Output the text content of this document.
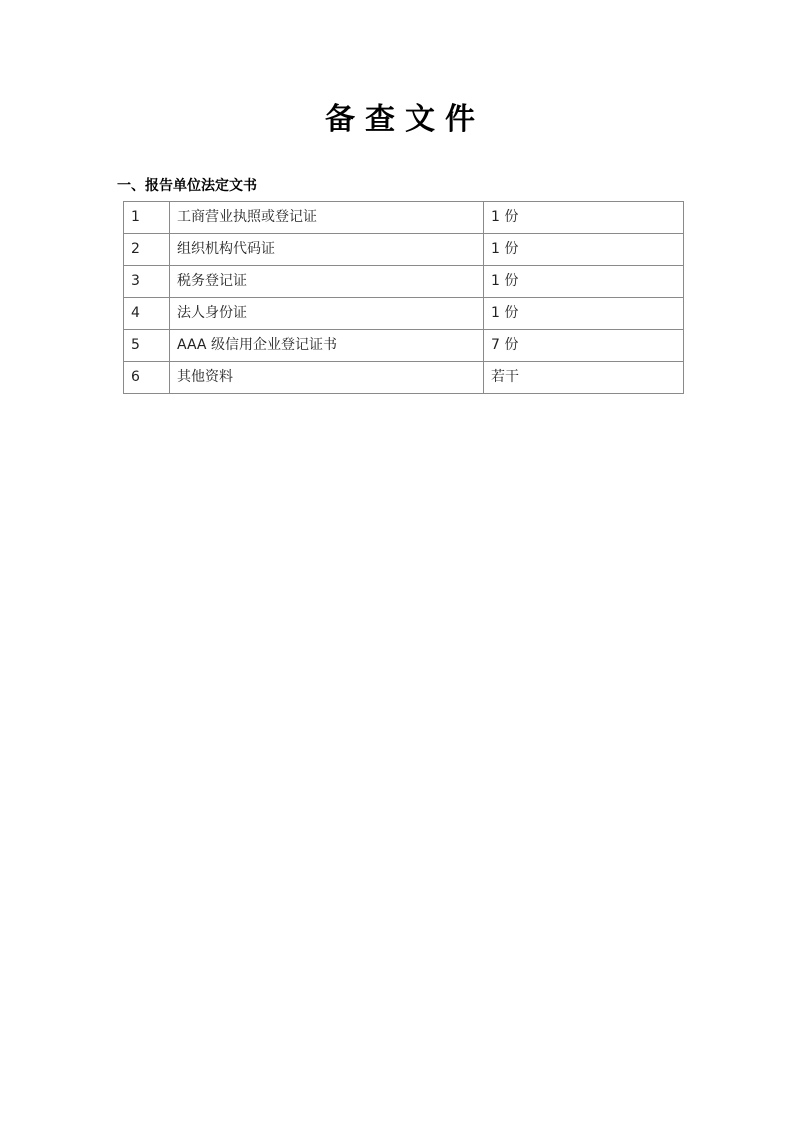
备查文件
一、报告单位法定文书
1	工商营业执照或登记证	1 份
2	组织机构代码证	1 份
3	税务登记证	1 份
4	法人身份证	1 份
5	AAA 级信用企业登记证书	7 份
6	其他资料	若干
